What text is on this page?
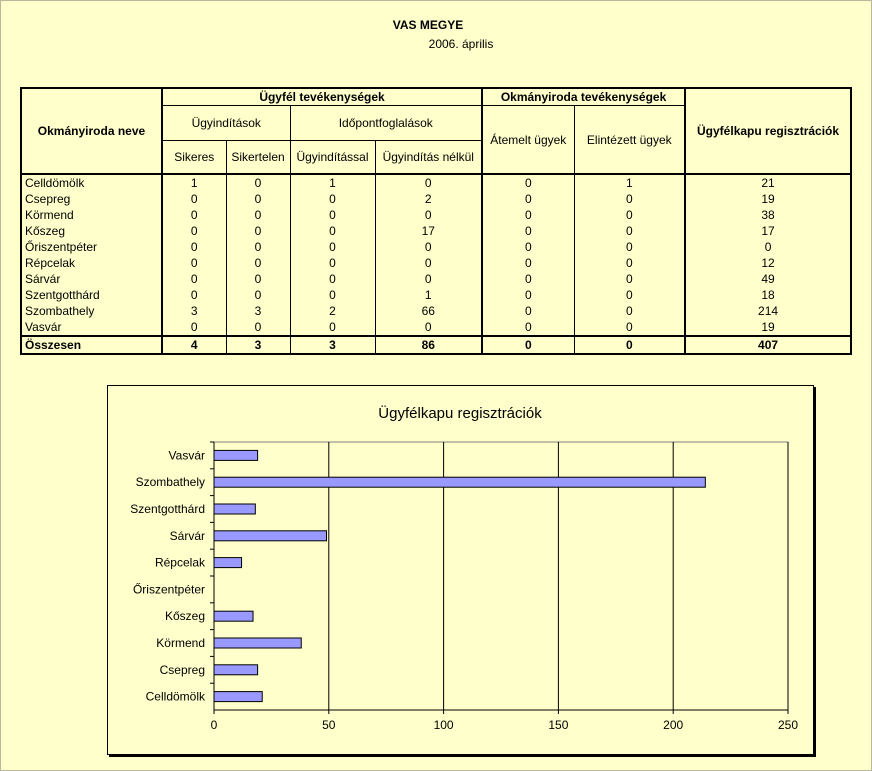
VAS MEGYE
2006. április
Okmányiroda neve	Ügyfél tevékenységek				Okmányiroda tevékenységek		Ügyfélkapu regisztrációk
	Ügyindítások		Időpontfoglalások		Átemelt ügyek	Elintézett ügyek	
	Sikeres	Sikertelen	Ügyindítással	Ügyindítás nélkül			
Celldömölk	1	0	1	0	0	1	21
Csepreg	0	0	0	2	0	0	19
Körmend	0	0	0	0	0	0	38
Kőszeg	0	0	0	17	0	0	17
Őriszentpéter	0	0	0	0	0	0	0
Répcelak	0	0	0	0	0	0	12
Sárvár	0	0	0	0	0	0	49
Szentgotthárd	0	0	0	1	0	0	18
Szombathely	3	3	2	66	0	0	214
Vasvár	0	0	0	0	0	0	19
Összesen	4	3	3	86	0	0	407
Ügyfélkapu regisztrációk
0	50	100	150	200	250
Vasvár
Szombathely
Szentgotthárd
Sárvár
Répcelak
Őriszentpéter
Kőszeg
Körmend
Csepreg
Celldömölk
